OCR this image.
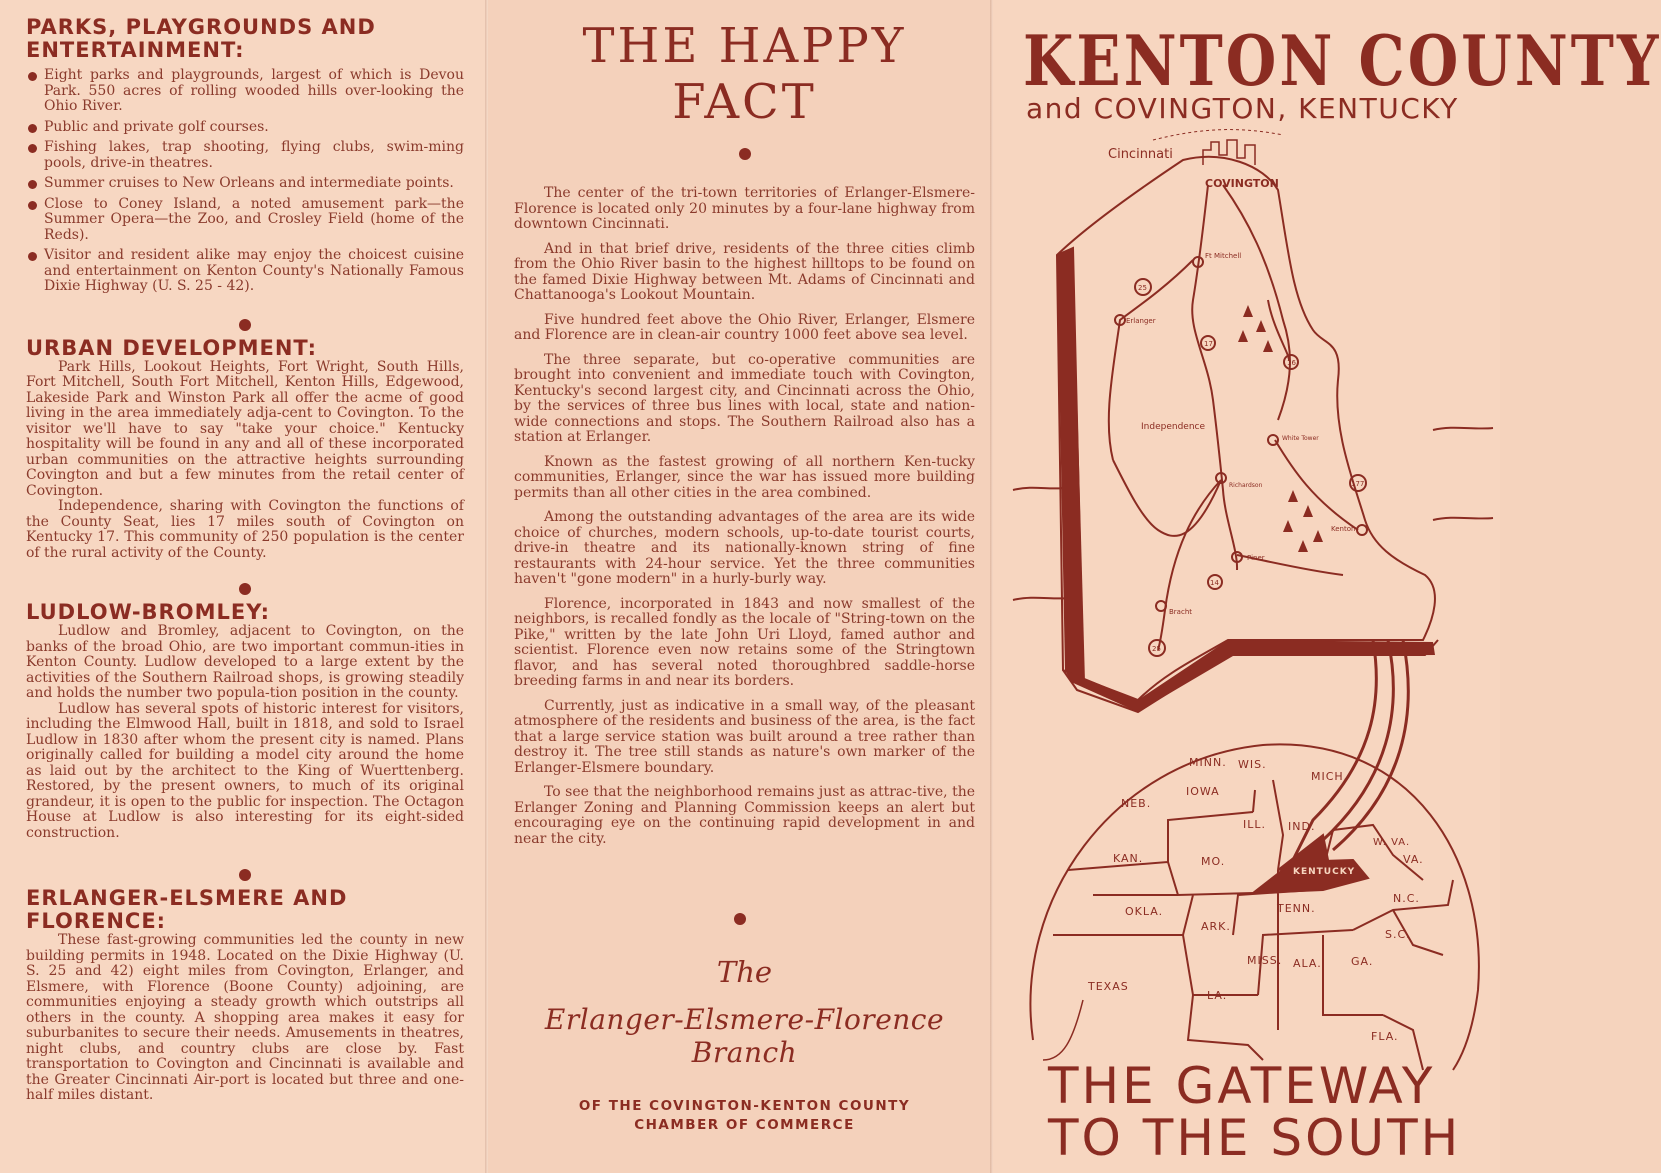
PARKS, PLAYGROUNDS AND
ENTERTAINMENT:
Eight parks and playgrounds, largest of which is Devou Park. 550 acres of rolling wooded hills over-looking the Ohio River.
Public and private golf courses.
Fishing lakes, trap shooting, flying clubs, swim-ming pools, drive-in theatres.
Summer cruises to New Orleans and intermediate points.
Close to Coney Island, a noted amusement park—the Summer Opera—the Zoo, and Crosley Field (home of the Reds).
Visitor and resident alike may enjoy the choicest cuisine and entertainment on Kenton County's Nationally Famous Dixie Highway (U. S. 25 - 42).
URBAN DEVELOPMENT:

Park Hills, Lookout Heights, Fort Wright, South Hills, Fort Mitchell, South Fort Mitchell, Kenton Hills, Edgewood, Lakeside Park and Winston Park all offer the acme of good living in the area immediately adja-cent to Covington. To the visitor we'll have to say "take your choice." Kentucky hospitality will be found in any and all of these incorporated urban communities on the attractive heights surrounding Covington and but a few minutes from the retail center of Covington.

Independence, sharing with Covington the functions of the County Seat, lies 17 miles south of Covington on Kentucky 17. This community of 250 population is the center of the rural activity of the County.

LUDLOW-BROMLEY:

Ludlow and Bromley, adjacent to Covington, on the banks of the broad Ohio, are two important commun-ities in Kenton County. Ludlow developed to a large extent by the activities of the Southern Railroad shops, is growing steadily and holds the number two popula-tion position in the county.

Ludlow has several spots of historic interest for visitors, including the Elmwood Hall, built in 1818, and sold to Israel Ludlow in 1830 after whom the present city is named. Plans originally called for building a model city around the home as laid out by the architect to the King of Wuerttenberg. Restored, by the present owners, to much of its original grandeur, it is open to the public for inspection. The Octagon House at Ludlow is also interesting for its eight-sided construction.

ERLANGER-ELSMERE AND FLORENCE:

These fast-growing communities led the county in new building permits in 1948. Located on the Dixie Highway (U. S. 25 and 42) eight miles from Covington, Erlanger, and Elsmere, with Florence (Boone County) adjoining, are communities enjoying a steady growth which outstrips all others in the county. A shopping area makes it easy for suburbanites to secure their needs. Amusements in theatres, night clubs, and country clubs are close by. Fast transportation to Covington and Cincinnati is available and the Greater Cincinnati Air-port is located but three and one-half miles distant.

THE HAPPY FACT

The center of the tri-town territories of Erlanger-Elsmere-Florence is located only 20 minutes by a four-lane highway from downtown Cincinnati.

And in that brief drive, residents of the three cities climb from the Ohio River basin to the highest hilltops to be found on the famed Dixie Highway between Mt. Adams of Cincinnati and Chattanooga's Lookout Mountain.

Five hundred feet above the Ohio River, Erlanger, Elsmere and Florence are in clean-air country 1000 feet above sea level.

The three separate, but co-operative communities are brought into convenient and immediate touch with Covington, Kentucky's second largest city, and Cincinnati across the Ohio, by the services of three bus lines with local, state and nation-wide connections and stops. The Southern Railroad also has a station at Erlanger.

Known as the fastest growing of all northern Ken-tucky communities, Erlanger, since the war has issued more building permits than all other cities in the area combined.

Among the outstanding advantages of the area are its wide choice of churches, modern schools, up-to-date tourist courts, drive-in theatre and its nationally-known string of fine restaurants with 24-hour service. Yet the three communities haven't "gone modern" in a hurly-burly way.

Florence, incorporated in 1843 and now smallest of the neighbors, is recalled fondly as the locale of "String-town on the Pike," written by the late John Uri Lloyd, famed author and scientist. Florence even now retains some of the Stringtown flavor, and has several noted thoroughbred saddle-horse breeding farms in and near its borders.

Currently, just as indicative in a small way, of the pleasant atmosphere of the residents and business of the area, is the fact that a large service station was built around a tree rather than destroy it. The tree still stands as nature's own marker of the Erlanger-Elsmere boundary.

To see that the neighborhood remains just as attrac-tive, the Erlanger Zoning and Planning Commission keeps an alert but encouraging eye on the continuing rapid development in and near the city.

The
Erlanger-Elsmere-Florence Branch
OF THE COVINGTON-KENTON COUNTY
CHAMBER OF COMMERCE
KENTON COUNTY
and COVINGTON, KENTUCKY
Cincinnati
COVINGTON
Ft Mitchell
Erlanger
Independence
White Tower
Kenton
Piner
Richardson
Bracht
25
17
16
177
14
25
MINN. WIS.
MICH.
IOWA
NEB.
ILL. IND.
W. VA.
KAN.	MO.
KENTUCKY
VA.
N.C.
OKLA.	TENN.
ARK.
S.C.
MISS. ALA.	GA.
TEXAS
LA.
FLA.
THE GATEWAY
TO THE SOUTH
